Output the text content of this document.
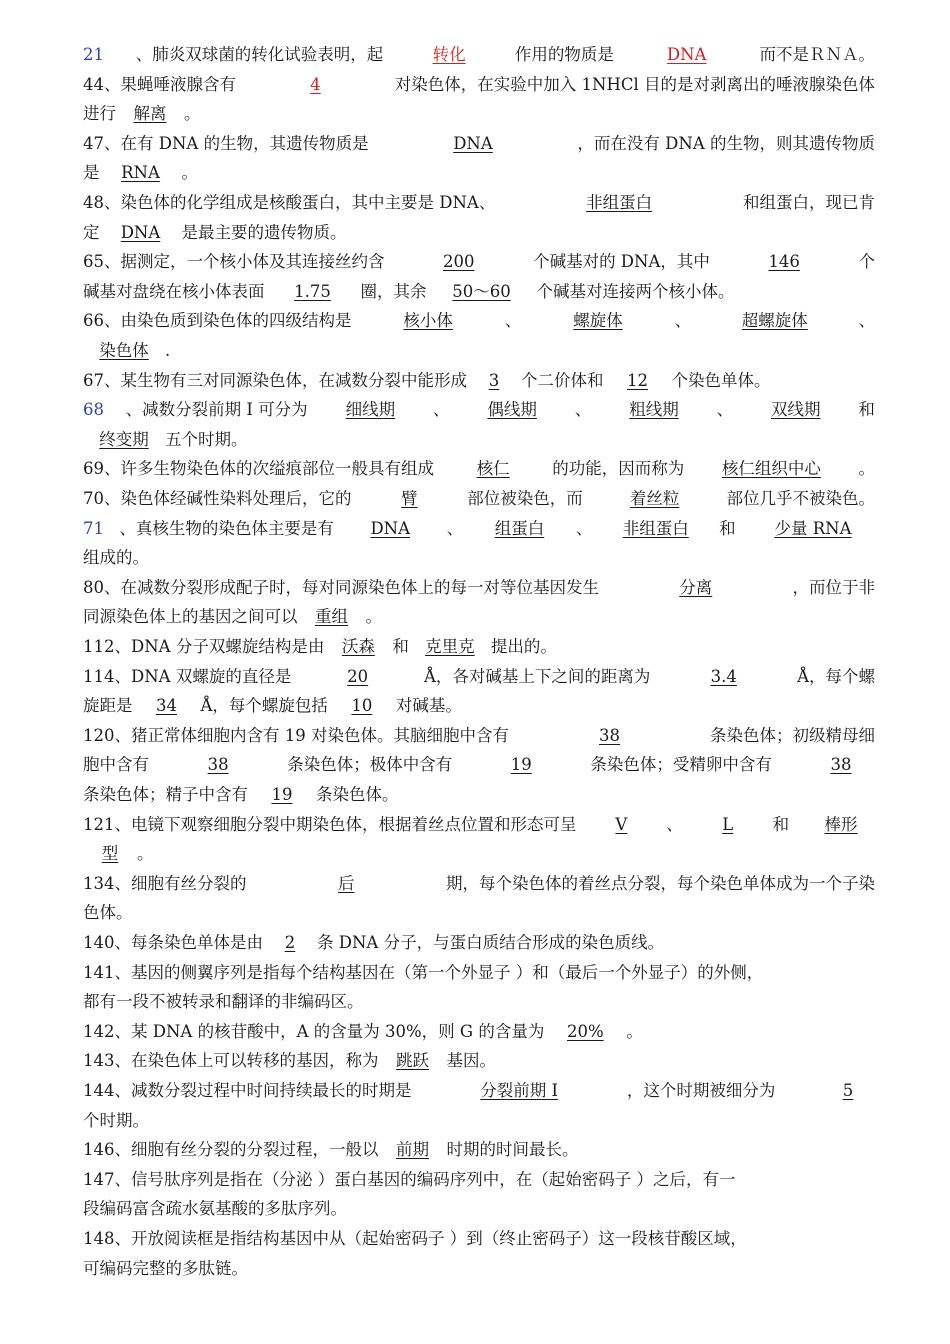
21 、肺炎双球菌的转化试验表明，起	转化	作用的物质是	DNA	而不是ＲＮＡ。
44、果蝇唾液腺含有	4	对染色体，在实验中加入 1NHCl 目的是对剥离出的唾液腺染色体
进行 解离 。
47、在有 DNA 的生物，其遗传物质是	DNA	，而在没有 DNA 的生物，则其遗传物质
是 RNA 。
48、染色体的化学组成是核酸蛋白，其中主要是 DNA、	非组蛋白	和组蛋白，现已肯
定 DNA 是最主要的遗传物质。
65、据测定，一个核小体及其连接丝约含	200	个碱基对的 DNA，其中	146	个
碱基对盘绕在核小体表面 1.75 圈，其余 50～60 个碱基对连接两个核小体。
66、由染色质到染色体的四级结构是	核小体	、	螺旋体	、	超螺旋体	、
染色体 .
67、某生物有三对同源染色体，在减数分裂中能形成 3 个二价体和 12 个染色单体。
68 、减数分裂前期 I 可分为	细线期	、	偶线期	、	粗线期	、	双线期	和
终变期 五个时期。
69、许多生物染色体的次缢痕部位一般具有组成	核仁	的功能，因而称为	核仁组织中心	。
70、染色体经碱性染料处理后，它的	臂	部位被染色，而	着丝粒	部位几乎不被染色。
71 、真核生物的染色体主要是有	DNA	、	组蛋白	、	非组蛋白	和	少量 RNA
组成的。
80、在减数分裂形成配子时，每对同源染色体上的每一对等位基因发生	分离	，而位于非
同源染色体上的基因之间可以 重组 。
112、DNA 分子双螺旋结构是由 沃森 和 克里克 提出的。
114、DNA 双螺旋的直径是	20	Å，各对碱基上下之间的距离为	3.4	Å，每个螺
旋距是 34 Å，每个螺旋包括 10 对碱基。
120、猪正常体细胞内含有 19 对染色体。其脑细胞中含有	38	条染色体；初级精母细
胞中含有	38	条染色体；极体中含有	19	条染色体；受精卵中含有	38
条染色体；精子中含有 19 条染色体。
121、电镜下观察细胞分裂中期染色体，根据着丝点位置和形态可呈	V	、	L	和	棒形
型 。
134、细胞有丝分裂的	后	期，每个染色体的着丝点分裂，每个染色单体成为一个子染
色体。
140、每条染色单体是由 2 条 DNA 分子，与蛋白质结合形成的染色质线。
141、基因的侧翼序列是指每个结构基因在（第一个外显子 ）和（最后一个外显子）的外侧，
都有一段不被转录和翻译的非编码区。
142、某 DNA 的核苷酸中，A 的含量为 30%，则 G 的含量为 20% 。
143、在染色体上可以转移的基因，称为 跳跃 基因。
144、减数分裂过程中时间持续最长的时期是	分裂前期 I	，这个时期被细分为	5
个时期。
146、细胞有丝分裂的分裂过程，一般以 前期 时期的时间最长。
147、信号肽序列是指在（分泌 ）蛋白基因的编码序列中，在（起始密码子 ）之后，有一
段编码富含疏水氨基酸的多肽序列。
148、开放阅读框是指结构基因中从（起始密码子 ）到（终止密码子）这一段核苷酸区域，
可编码完整的多肽链。
